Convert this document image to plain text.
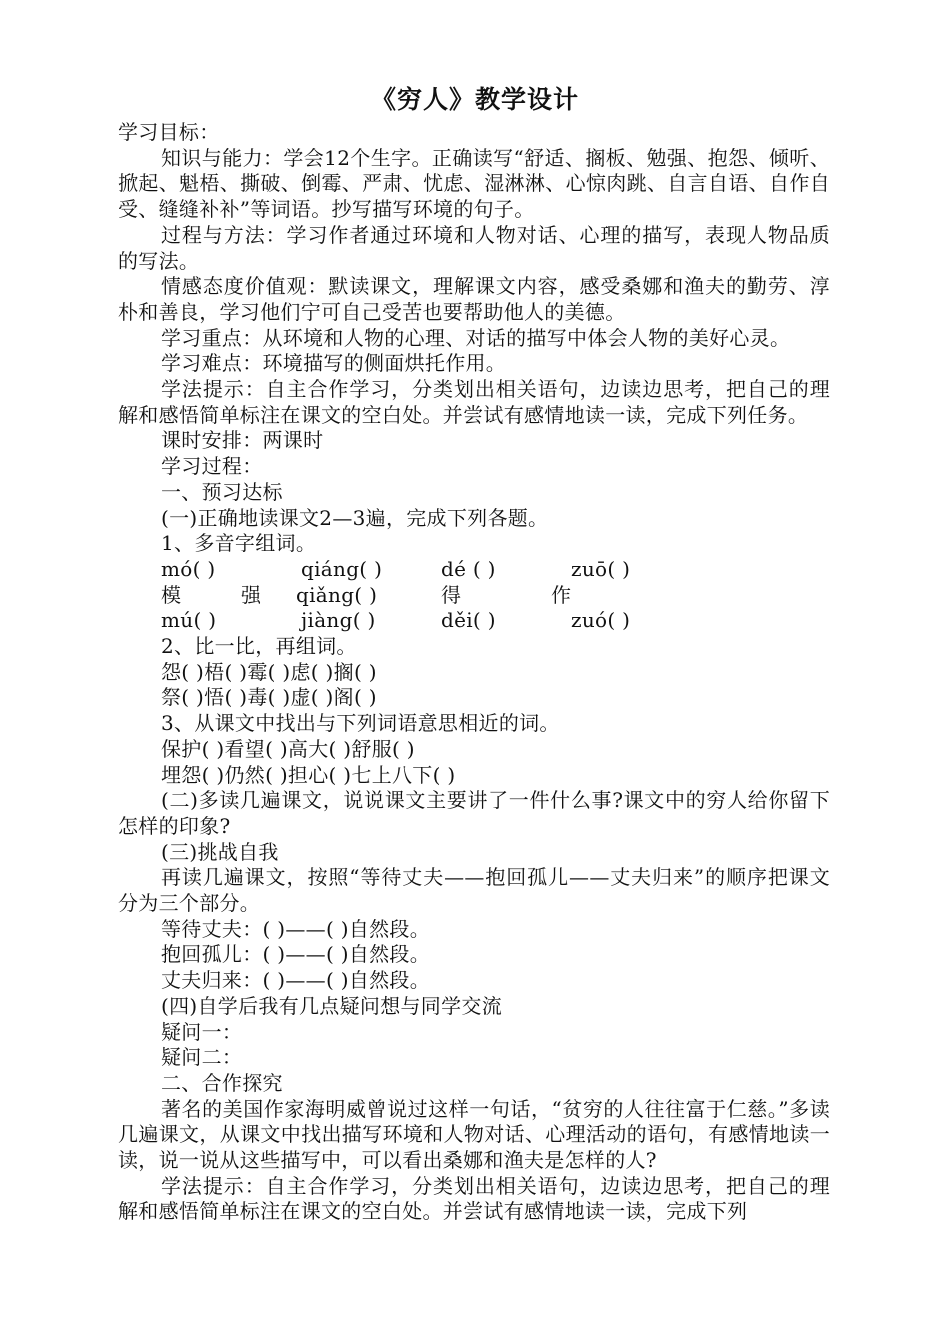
《穷人》教学设计

学习目标：

知识与能力：学会12个生字。正确读写“舒适、搁板、勉强、抱怨、倾听、掀起、魁梧、撕破、倒霉、严肃、忧虑、湿淋淋、心惊肉跳、自言自语、自作自受、缝缝补补”等词语。抄写描写环境的句子。

过程与方法：学习作者通过环境和人物对话、心理的描写，表现人物品质的写法。

情感态度价值观：默读课文，理解课文内容，感受桑娜和渔夫的勤劳、淳朴和善良，学习他们宁可自己受苦也要帮助他人的美德。

学习重点：从环境和人物的心理、对话的描写中体会人物的美好心灵。

学习难点：环境描写的侧面烘托作用。

学法提示：自主合作学习，分类划出相关语句，边读边思考，把自己的理解和感悟简单标注在课文的空白处。并尝试有感情地读一读，完成下列任务。

课时安排：两课时

学习过程：

一、预习达标

(一)正确地读课文2—3遍，完成下列各题。

1、多音字组词。

mó( )	qiáng( )	dé ( )	zuō( )
模	强	qiǎng( )	得	作
mú( )	jiàng( )	děi( )	zuó( )

2、比一比，再组词。

怨( )梧( )霉( )虑( )搁( )

祭( )悟( )毒( )虚( )阁( )

3、从课文中找出与下列词语意思相近的词。

保护( )看望( )高大( )舒服( )

埋怨( )仍然( )担心( )七上八下( )

(二)多读几遍课文，说说课文主要讲了一件什么事?课文中的穷人给你留下怎样的印象?

(三)挑战自我

再读几遍课文，按照“等待丈夫——抱回孤儿——丈夫归来”的顺序把课文分为三个部分。

等待丈夫：( )——( )自然段。

抱回孤儿：( )——( )自然段。

丈夫归来：( )——( )自然段。

(四)自学后我有几点疑问想与同学交流

疑问一：

疑问二：

二、合作探究

著名的美国作家海明威曾说过这样一句话，“贫穷的人往往富于仁慈。”多读几遍课文，从课文中找出描写环境和人物对话、心理活动的语句，有感情地读一读，说一说从这些描写中，可以看出桑娜和渔夫是怎样的人?

学法提示：自主合作学习，分类划出相关语句，边读边思考，把自己的理解和感悟简单标注在课文的空白处。并尝试有感情地读一读，完成下列
